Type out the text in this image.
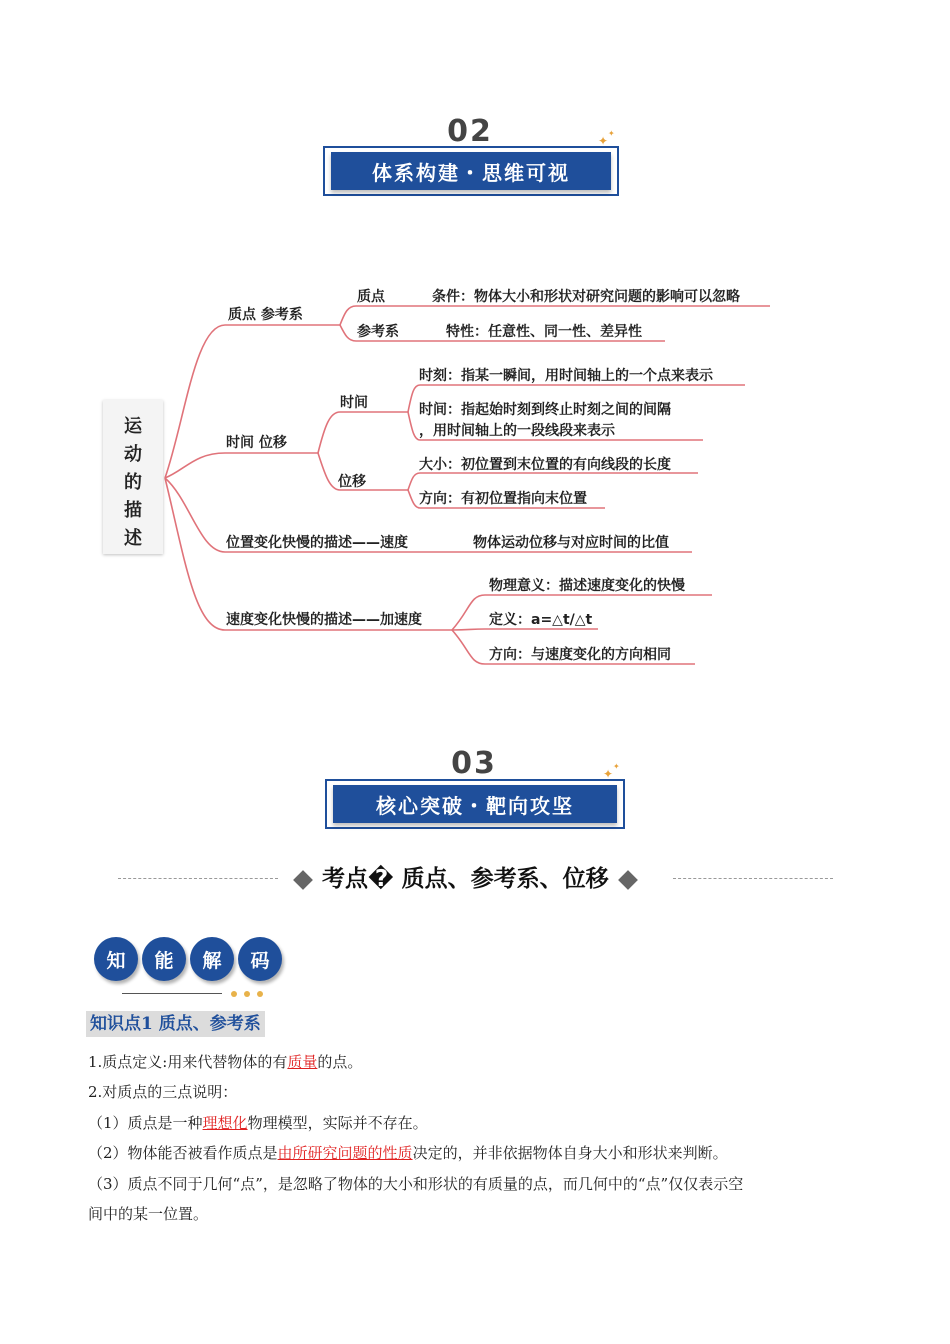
02
体系构建・思维可视
✦
✦
运
动
的
描
述
质点 参考系
质点	条件：物体大小和形状对研究问题的影响可以忽略
参考系	特性：任意性、同一性、差异性
时间 位移
时间
时刻：指某一瞬间，用时间轴上的一个点来表示
时间：指起始时刻到终止时刻之间的间隔
，用时间轴上的一段线段来表示
位移
大小：初位置到末位置的有向线段的长度
方向：有初位置指向末位置
位置变化快慢的描述——速度	物体运动位移与对应时间的比值
速度变化快慢的描述——加速度
物理意义：描述速度变化的快慢
定义：a=△t/△t
方向：与速度变化的方向相同
03
核心突破・靶向攻坚
✦
✦
考点� 质点、参考系、位移
知	能	解	码
知识点1 质点、参考系
1.质点定义:用来代替物体的有质量的点。
2.对质点的三点说明：
（1）质点是一种理想化物理模型，实际并不存在。
（2）物体能否被看作质点是由所研究问题的性质决定的，并非依据物体自身大小和形状来判断。
（3）质点不同于几何“点”，是忽略了物体的大小和形状的有质量的点，而几何中的“点”仅仅表示空
间中的某一位置。
